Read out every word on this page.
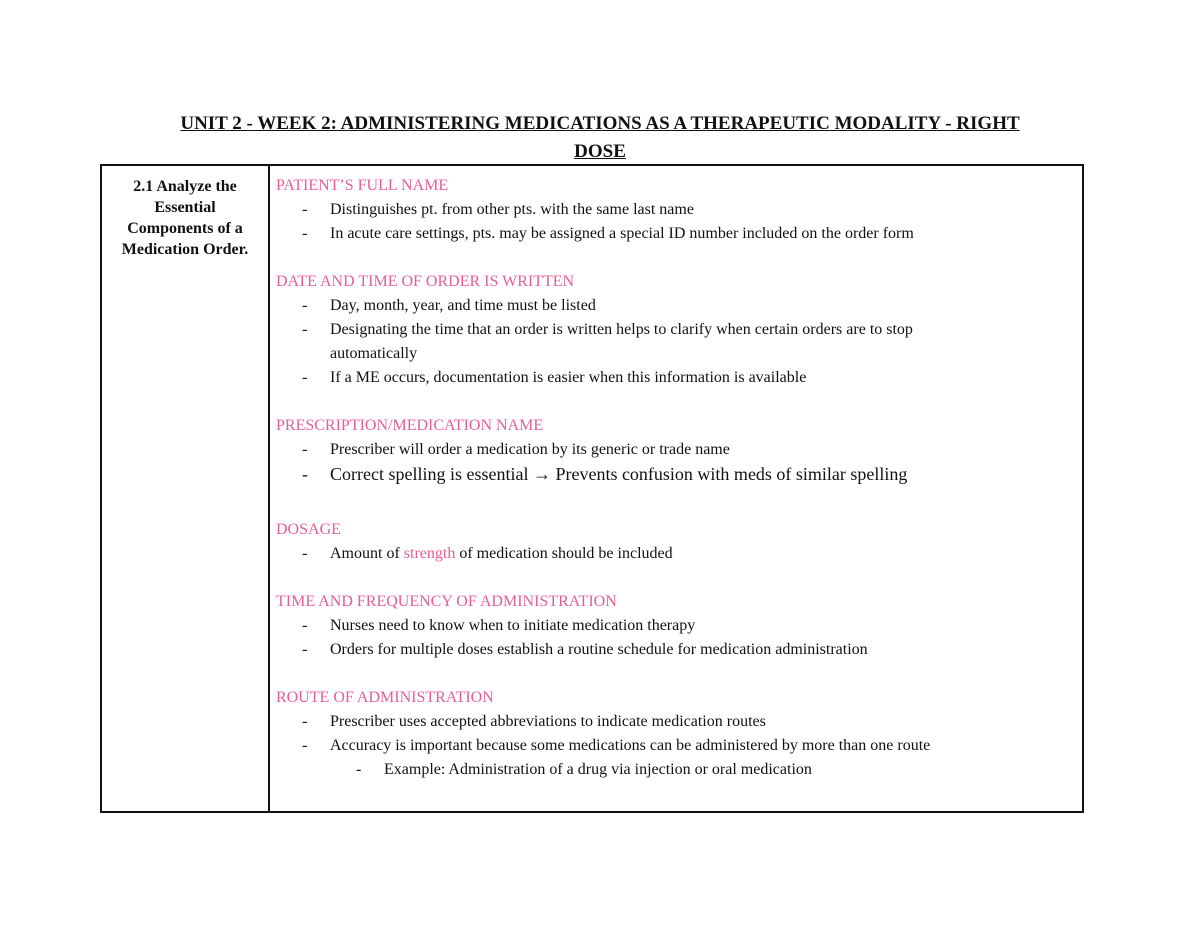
UNIT 2 - WEEK 2: ADMINISTERING MEDICATIONS AS A THERAPEUTIC MODALITY - RIGHT
DOSE
2.1 Analyze the
Essential
Components of a
Medication Order.
PATIENT’S FULL NAME
- Distinguishes pt. from other pts. with the same last name
- In acute care settings, pts. may be assigned a special ID number included on the order form
DATE AND TIME OF ORDER IS WRITTEN
- Day, month, year, and time must be listed
- Designating the time that an order is written helps to clarify when certain orders are to stop
automatically
- If a ME occurs, documentation is easier when this information is available
PRESCRIPTION/MEDICATION NAME
- Prescriber will order a medication by its generic or trade name
- Correct spelling is essential → Prevents confusion with meds of similar spelling
DOSAGE
- Amount of strength of medication should be included
TIME AND FREQUENCY OF ADMINISTRATION
- Nurses need to know when to initiate medication therapy
- Orders for multiple doses establish a routine schedule for medication administration
ROUTE OF ADMINISTRATION
- Prescriber uses accepted abbreviations to indicate medication routes
- Accuracy is important because some medications can be administered by more than one route
- Example: Administration of a drug via injection or oral medication
